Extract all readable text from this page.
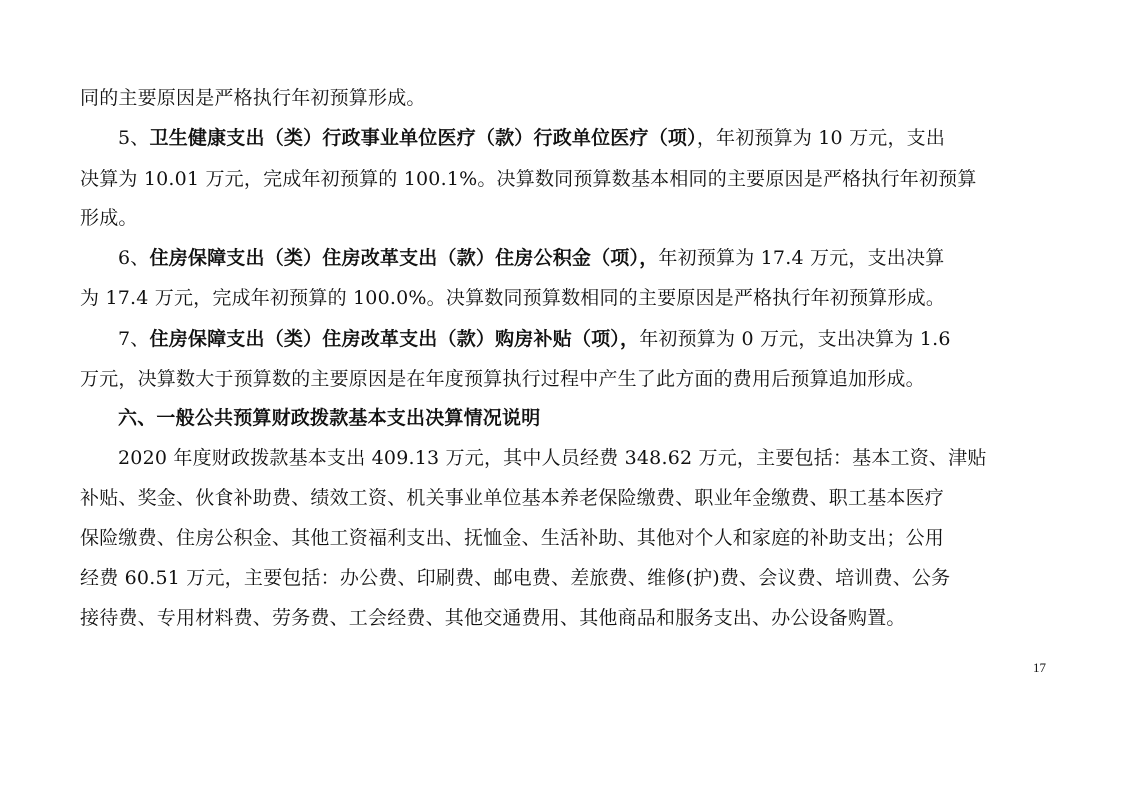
同的主要原因是严格执行年初预算形成。
5、卫生健康支出（类）行政事业单位医疗（款）行政单位医疗（项），年初预算为 10 万元，支出
决算为 10.01 万元，完成年初预算的 100.1%。决算数同预算数基本相同的主要原因是严格执行年初预算
形成。
6、住房保障支出（类）住房改革支出（款）住房公积金（项），年初预算为 17.4 万元，支出决算
为 17.4 万元，完成年初预算的 100.0%。决算数同预算数相同的主要原因是严格执行年初预算形成。
7、住房保障支出（类）住房改革支出（款）购房补贴（项），年初预算为 0 万元，支出决算为 1.6
万元，决算数大于预算数的主要原因是在年度预算执行过程中产生了此方面的费用后预算追加形成。
六、一般公共预算财政拨款基本支出决算情况说明
2020 年度财政拨款基本支出 409.13 万元，其中人员经费 348.62 万元，主要包括：基本工资、津贴
补贴、奖金、伙食补助费、绩效工资、机关事业单位基本养老保险缴费、职业年金缴费、职工基本医疗
保险缴费、住房公积金、其他工资福利支出、抚恤金、生活补助、其他对个人和家庭的补助支出；公用
经费 60.51 万元，主要包括：办公费、印刷费、邮电费、差旅费、维修(护)费、会议费、培训费、公务
接待费、专用材料费、劳务费、工会经费、其他交通费用、其他商品和服务支出、办公设备购置。
17
